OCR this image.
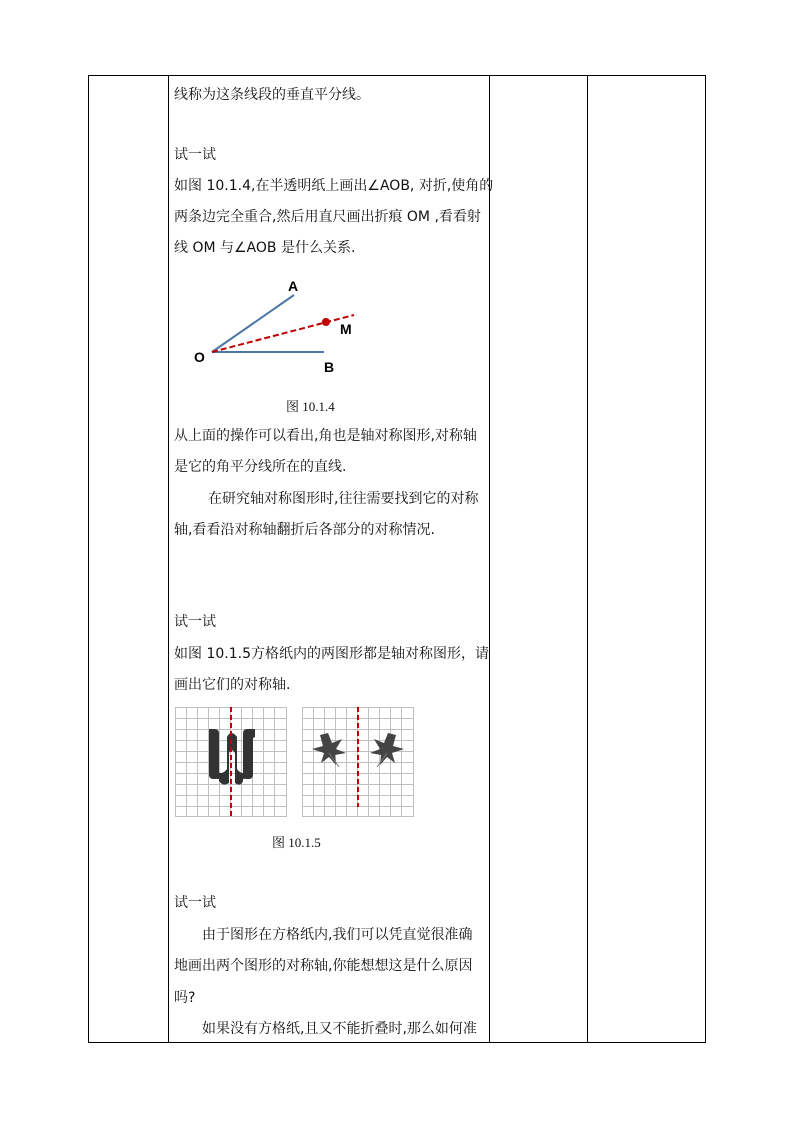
线称为这条线段的垂直平分线。
试一试
如图 10.1.4,在半透明纸上画出∠AOB, 对折,使角的
两条边完全重合,然后用直尺画出折痕 OM ,看看射
线 OM 与∠AOB 是什么关系.
A
O
B
M
图 10.1.4
从上面的操作可以看出,角也是轴对称图形,对称轴
是它的角平分线所在的直线.
在研究轴对称图形时,往往需要找到它的对称
轴,看看沿对称轴翻折后各部分的对称情况.
试一试
如图 10.1.5方格纸内的两图形都是轴对称图形，请
画出它们的对称轴.
图 10.1.5
试一试
由于图形在方格纸内,我们可以凭直觉很准确
地画出两个图形的对称轴,你能想想这是什么原因
吗?
如果没有方格纸,且又不能折叠时,那么如何准
